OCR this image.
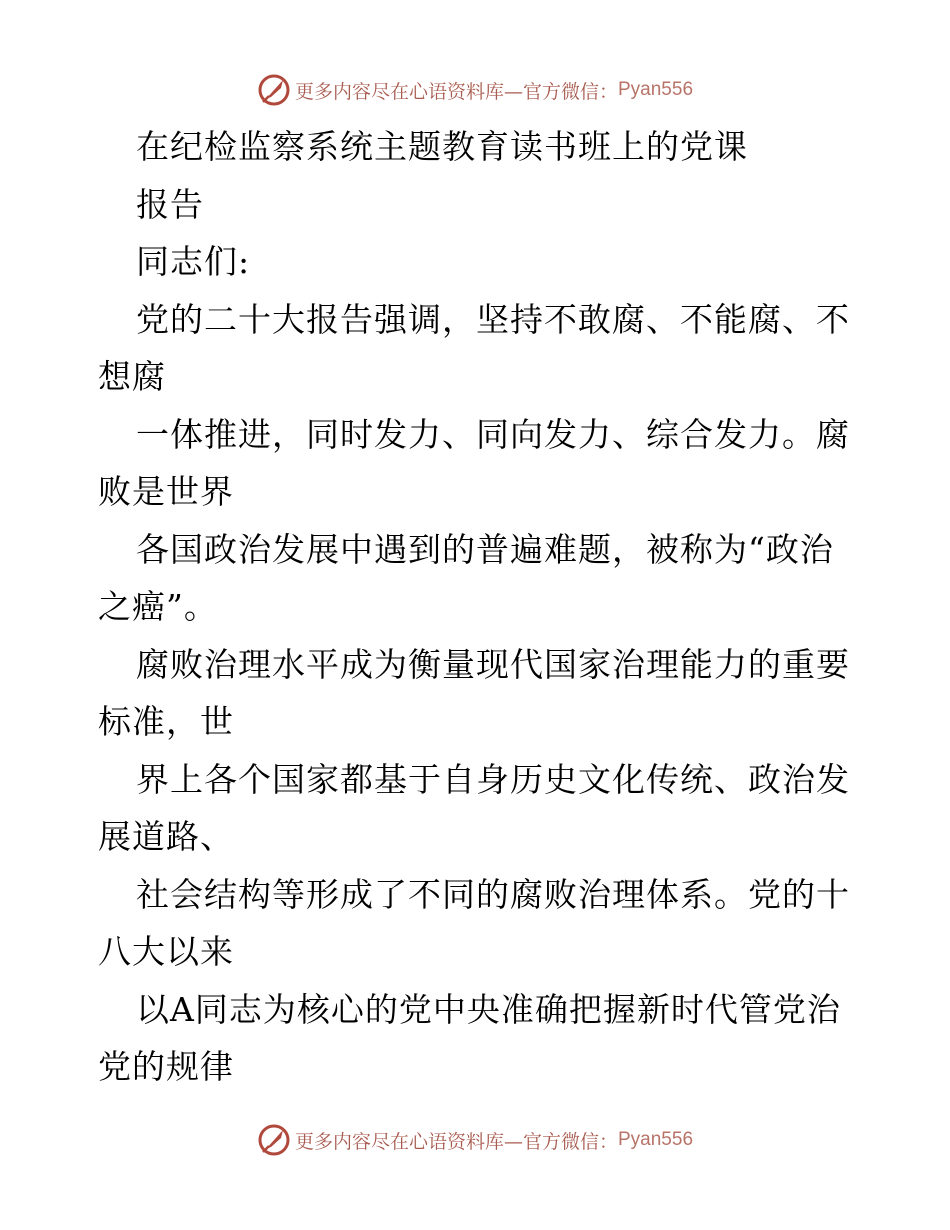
更多内容尽在心语资料库—官方微信： Pyan556

在纪检监察系统主题教育读书班上的党课

报告

同志们:

党的二十大报告强调，坚持不敢腐、不能腐、不想腐

一体推进，同时发力、同向发力、综合发力。腐败是世界

各国政治发展中遇到的普遍难题，被称为“政治之癌”。

腐败治理水平成为衡量现代国家治理能力的重要标准，世

界上各个国家都基于自身历史文化传统、政治发展道路、

社会结构等形成了不同的腐败治理体系。党的十八大以来

以A同志为核心的党中央准确把握新时代管党治党的规律

更多内容尽在心语资料库—官方微信： Pyan556
